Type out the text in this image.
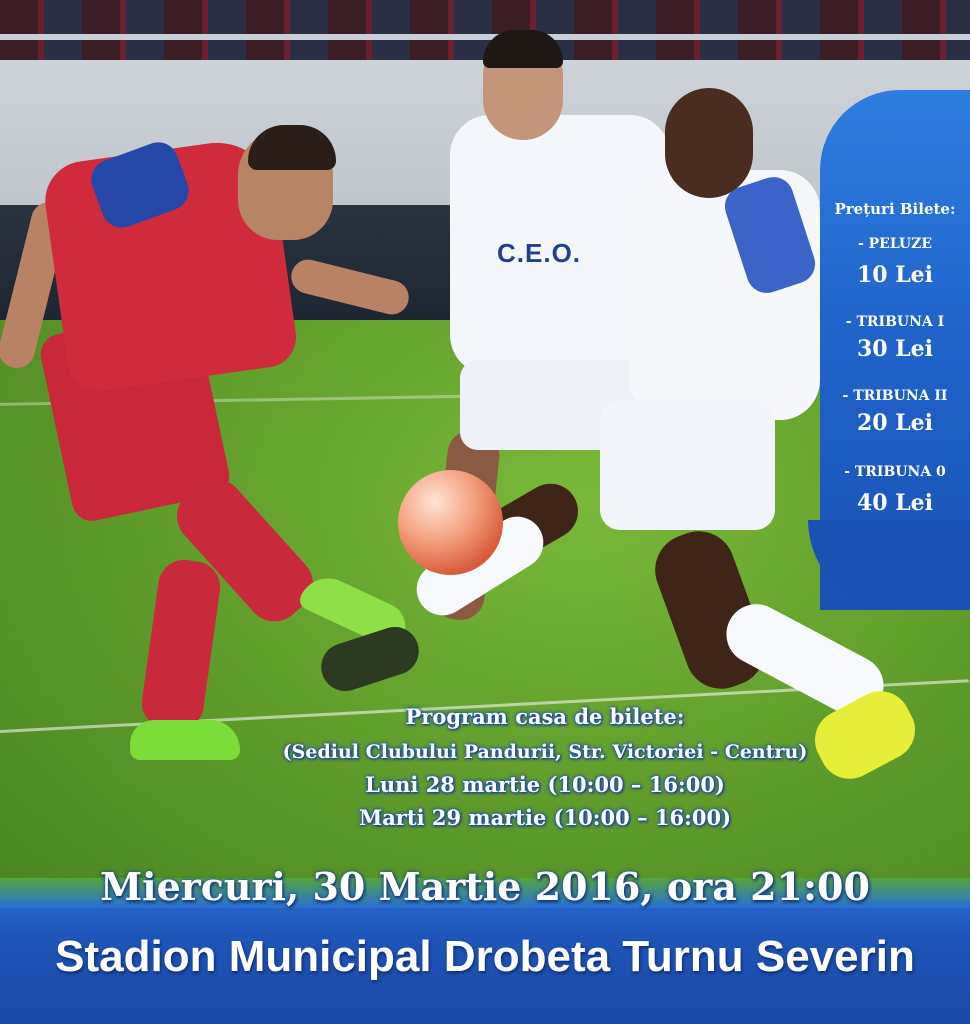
C.E.O.
Prețuri Bilete:
- PELUZE
10 Lei
- TRIBUNA I
30 Lei
- TRIBUNA II
20 Lei
- TRIBUNA 0
40 Lei
Program casa de bilete:
(Sediul Clubului Pandurii, Str. Victoriei - Centru)
Luni 28 martie (10:00 – 16:00)
Marti 29 martie (10:00 – 16:00)
Miercuri, 30 Martie 2016, ora 21:00
Stadion Municipal Drobeta Turnu Severin
